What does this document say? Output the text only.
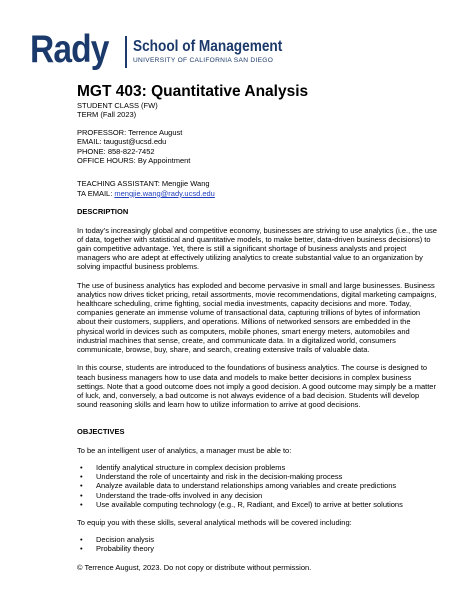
Rady School of Management
UNIVERSITY OF CALIFORNIA SAN DIEGO
MGT 403: Quantitative Analysis
STUDENT CLASS (FW)
TERM (Fall 2023)
PROFESSOR: Terrence August
EMAIL: taugust@ucsd.edu
PHONE: 858-822-7452
OFFICE HOURS: By Appointment
TEACHING ASSISTANT: Mengjie Wang
TA EMAIL: mengjie.wang@rady.ucsd.edu
DESCRIPTION

In today’s increasingly global and competitive economy, businesses are striving to use analytics (i.e., the use of data, together with statistical and quantitative models, to make better, data-driven business decisions) to gain competitive advantage. Yet, there is still a significant shortage of business analysts and project managers who are adept at effectively utilizing analytics to create substantial value to an organization by solving impactful business problems.

The use of business analytics has exploded and become pervasive in small and large businesses. Business analytics now drives ticket pricing, retail assortments, movie recommendations, digital marketing campaigns, healthcare scheduling, crime fighting, social media investments, capacity decisions and more. Today, companies generate an immense volume of transactional data, capturing trillions of bytes of information about their customers, suppliers, and operations. Millions of networked sensors are embedded in the physical world in devices such as computers, mobile phones, smart energy meters, automobiles and industrial machines that sense, create, and communicate data. In a digitalized world, consumers communicate, browse, buy, share, and search, creating extensive trails of valuable data.

In this course, students are introduced to the foundations of business analytics. The course is designed to teach business managers how to use data and models to make better decisions in complex business settings. Note that a good outcome does not imply a good decision. A good outcome may simply be a matter of luck, and, conversely, a bad outcome is not always evidence of a bad decision. Students will develop sound reasoning skills and learn how to utilize information to arrive at good decisions.

OBJECTIVES

To be an intelligent user of analytics, a manager must be able to:

• Identify analytical structure in complex decision problems
• Understand the role of uncertainty and risk in the decision-making process
• Analyze available data to understand relationships among variables and create predictions
• Understand the trade-offs involved in any decision
• Use available computing technology (e.g., R, Radiant, and Excel) to arrive at better solutions

To equip you with these skills, several analytical methods will be covered including:

• Decision analysis
• Probability theory
© Terrence August, 2023. Do not copy or distribute without permission.
